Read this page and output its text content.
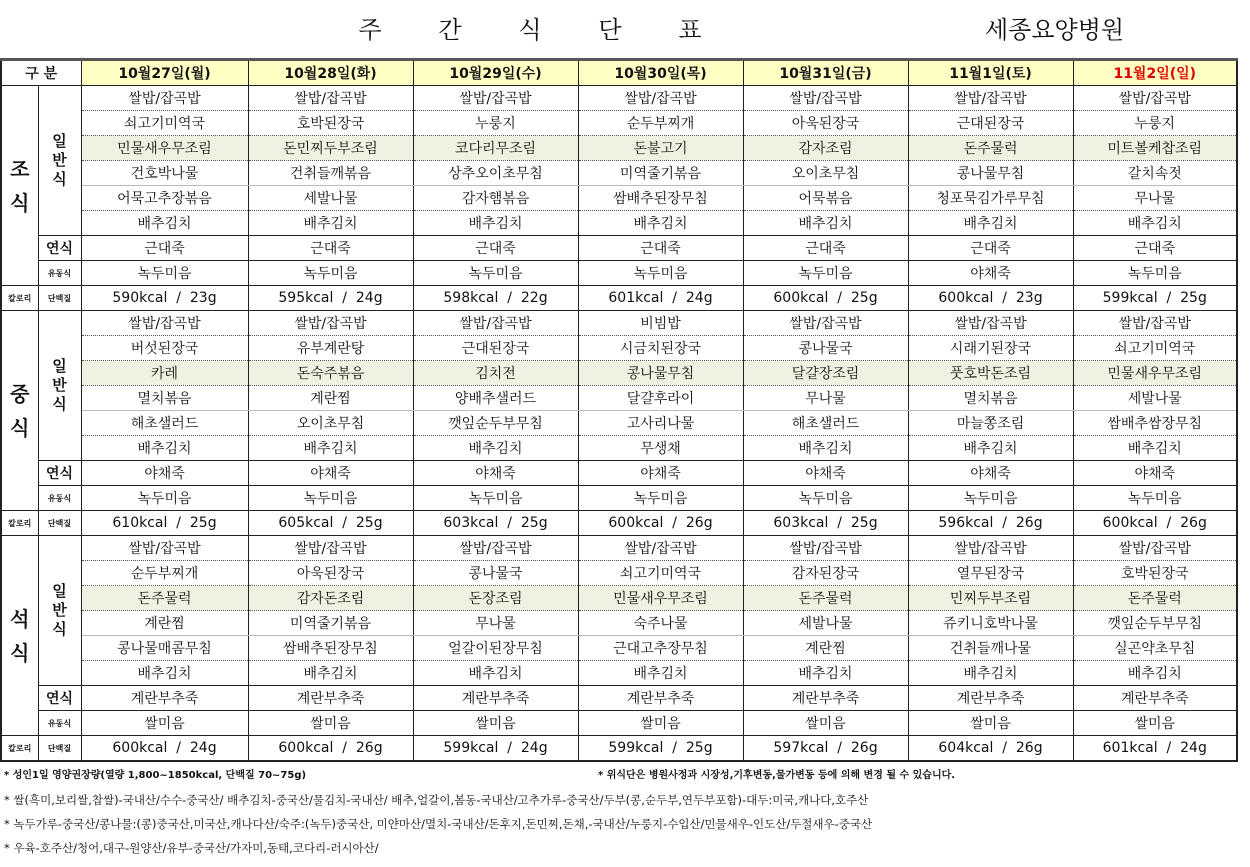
주 간 식 단 표	세종요양병원
구 분		10월27일(월)	10월28일(화)	10월29일(수)	10월30일(목)	10월31일(금)	11월1일(토)	11월2일(일)
조식	일반식	쌀밥/잡곡밥	쌀밥/잡곡밥	쌀밥/잡곡밥	쌀밥/잡곡밥	쌀밥/잡곡밥	쌀밥/잡곡밥	쌀밥/잡곡밥
		쇠고기미역국	호박된장국	누룽지	순두부찌개	아욱된장국	근대된장국	누룽지
		민물새우무조림	돈민찌두부조림	코다리무조림	돈불고기	감자조림	돈주물럭	미트볼케찹조림
		건호박나물	건취들깨볶음	상추오이초무침	미역줄기볶음	오이초무침	콩나물무침	갈치속젓
		어묵고추장볶음	세발나물	감자햄볶음	쌈배추된장무침	어묵볶음	청포묵김가루무침	무나물
		배추김치	배추김치	배추김치	배추김치	배추김치	배추김치	배추김치
	연식	근대죽	근대죽	근대죽	근대죽	근대죽	근대죽	근대죽
	유동식	녹두미음	녹두미음	녹두미음	녹두미음	녹두미음	야채죽	녹두미음
칼로리	단백질	590kcal  /  23g	595kcal  /  24g	598kcal  /  22g	601kcal  /  24g	600kcal  /  25g	600kcal  /  23g	599kcal  /  25g
중식	일반식	쌀밥/잡곡밥	쌀밥/잡곡밥	쌀밥/잡곡밥	비빔밥	쌀밥/잡곡밥	쌀밥/잡곡밥	쌀밥/잡곡밥
		버섯된장국	유부계란탕	근대된장국	시금치된장국	콩나물국	시래기된장국	쇠고기미역국
		카레	돈숙주볶음	김치전	콩나물무침	달걀장조림	풋호박돈조림	민물새우무조림
		멸치볶음	계란찜	양배추샐러드	달걀후라이	무나물	멸치볶음	세발나물
		해초샐러드	오이초무침	깻잎순두부무침	고사리나물	해초샐러드	마늘쫑조림	쌈배추쌈장무침
		배추김치	배추김치	배추김치	무생채	배추김치	배추김치	배추김치
	연식	야채죽	야채죽	야채죽	야채죽	야채죽	야채죽	야채죽
	유동식	녹두미음	녹두미음	녹두미음	녹두미음	녹두미음	녹두미음	녹두미음
칼로리	단백질	610kcal  /  25g	605kcal  /  25g	603kcal  /  25g	600kcal  /  26g	603kcal  /  25g	596kcal  /  26g	600kcal  /  26g
석식	일반식	쌀밥/잡곡밥	쌀밥/잡곡밥	쌀밥/잡곡밥	쌀밥/잡곡밥	쌀밥/잡곡밥	쌀밥/잡곡밥	쌀밥/잡곡밥
		순두부찌개	아욱된장국	콩나물국	쇠고기미역국	감자된장국	열무된장국	호박된장국
		돈주물럭	감자돈조림	돈장조림	민물새우무조림	돈주물럭	민찌두부조림	돈주물럭
		계란찜	미역줄기볶음	무나물	숙주나물	세발나물	쥬키니호박나물	깻잎순두부무침
		콩나물매콤무침	쌈배추된장무침	얼갈이된장무침	근대고추장무침	계란찜	건취들깨나물	실곤약초무침
		배추김치	배추김치	배추김치	배추김치	배추김치	배추김치	배추김치
	연식	계란부추죽	계란부추죽	계란부추죽	계란부추죽	계란부추죽	계란부추죽	계란부추죽
	유동식	쌀미음	쌀미음	쌀미음	쌀미음	쌀미음	쌀미음	쌀미음
칼로리	단백질	600kcal  /  24g	600kcal  /  26g	599kcal  /  24g	599kcal  /  25g	597kcal  /  26g	604kcal  /  26g	601kcal  /  24g
* 성인1일 영양권장량(열량 1,800~1850kcal, 단백질 70~75g)	* 위식단은 병원사정과 시장성,기후변동,물가변동 등에 의해 변경 될 수 있습니다.
* 쌀(흑미,보리쌀,찹쌀)-국내산/수수-중국산/ 배추김치-중국산/물김치-국내산/ 배추,얼갈이,봄동-국내산/고추가루-중국산/두부(콩,순두부,연두부포함)-대두:미국,캐나다,호주산
* 녹두가루-중국산/콩나물:(콩)중국산,미국산,캐나다산/숙주:(녹두)중국산, 미얀마산/멸치-국내산/돈후지,돈민찌,돈채,-국내산/누룽지-수입산/민물새우-인도산/두절새우-중국산
* 우육-호주산/청어,대구-원양산/유부-중국산/가자미,동태,코다리-러시아산/
